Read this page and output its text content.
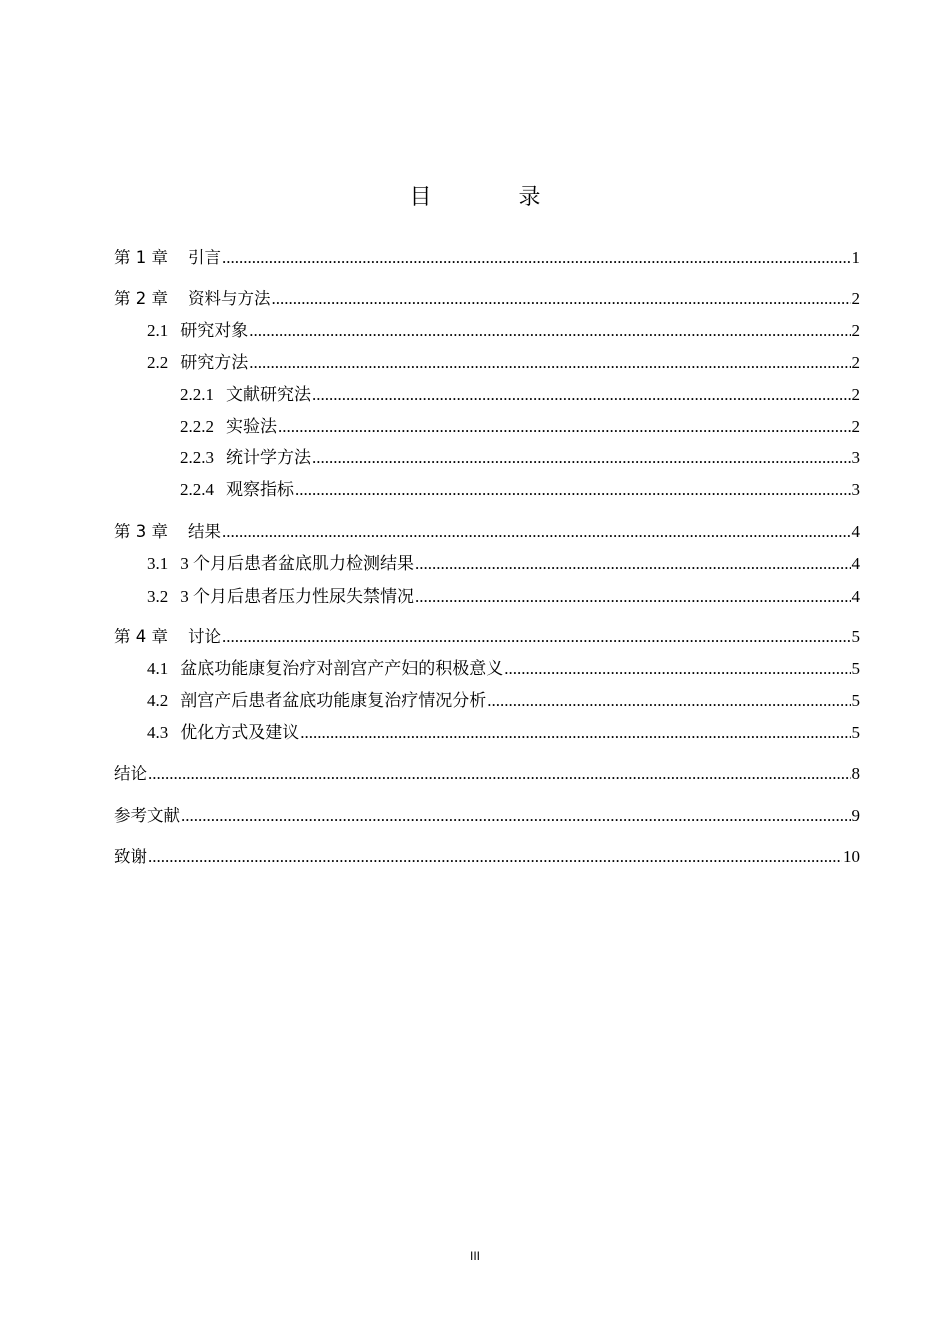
目 录
第 1 章 引言 .....	1
第 2 章 资料与方法 .....	2
2.1 研究对象 .....	2
2.2 研究方法 .....	2
2.2.1 文献研究法 .....	2
2.2.2 实验法 .....	2
2.2.3 统计学方法 .....	3
2.2.4 观察指标 .....	3
第 3 章 结果 .....	4
3.1 3 个月后患者盆底肌力检测结果 .....	4
3.2 3 个月后患者压力性尿失禁情况 .....	4
第 4 章 讨论 .....	5
4.1 盆底功能康复治疗对剖宫产产妇的积极意义 .....	5
4.2 剖宫产后患者盆底功能康复治疗情况分析 .....	5
4.3 优化方式及建议 .....	5
结论 .....	8
参考文献 .....	9
致谢 .....	10
III
